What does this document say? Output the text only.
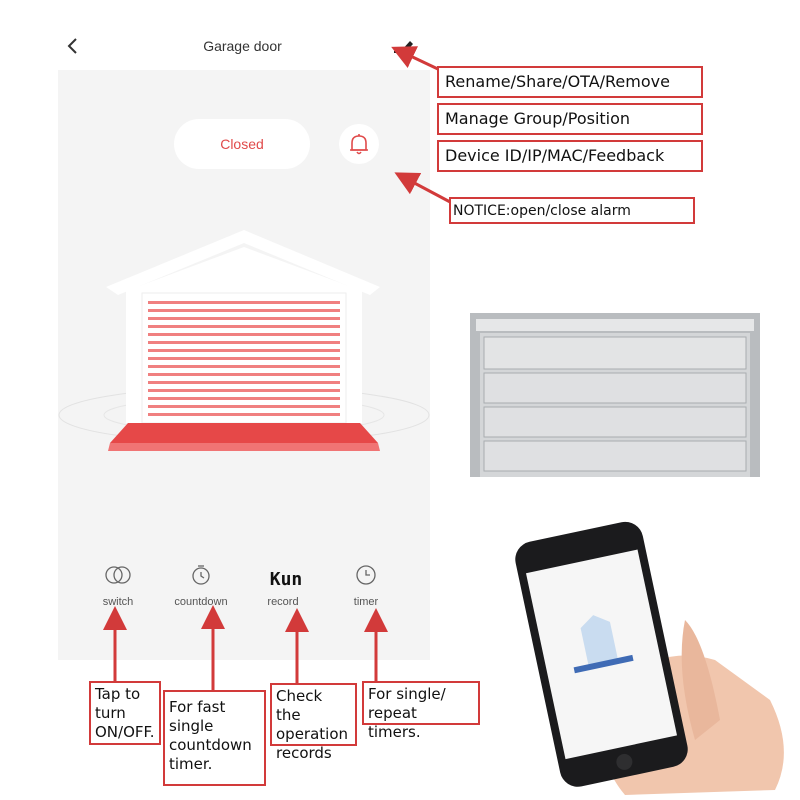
Garage door
Closed
switch	countdown	record
Kun
timer
Rename/Share/OTA/Remove
Manage Group/Position
Device ID/IP/MAC/Feedback
NOTICE:open/close alarm
Tap to
turn
ON/OFF.
For fast
single
countdown
timer.
Check the
operation
records
For single/
repeat timers.
